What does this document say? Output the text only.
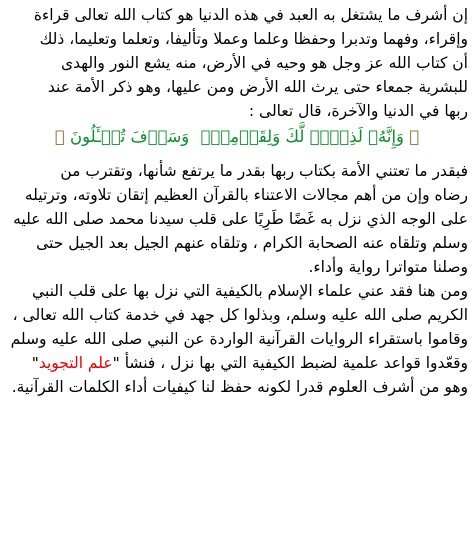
إن أشرف ما يشتغل به العبد في هذه الدنيا هو كتاب الله تعالى قراءة

وإقراء، وفهما وتدبرا وحفظا وعلما وعملا وتأليفا، وتعلما وتعليما، ذلك

أن كتاب الله عز وجل هو وحيه في الأرض، منه يشع النور والهدى

للبشرية جمعاء حتى يرث الله الأرض ومن عليها، وهو ذكر الأمة عند

ربها في الدنيا والآخرة، قال تعالى :

﴿ وَإِنَّهُۥ لَذِكۡرٞ لَّكَ وَلِقَوۡمِكَۖ وَسَوۡفَ تُسۡـَٔلُونَ ﴾

فبقدر ما تعتني الأمة بكتاب ربها بقدر ما يرتفع شأنها، وتقترب من

رضاه وإن من أهم مجالات الاعتناء بالقرآن العظيم إتقان تلاوته، وترتيله

على الوجه الذي نزل به غَضًا طَرِيًا على قلب سيدنا محمد صلى الله عليه

وسلم وتلقاه عنه الصحابة الكرام ، وتلقاه عنهم الجيل بعد الجيل حتى

وصلنا متواترا رواية وأداء.

ومن هنا فقد عني علماء الإسلام بالكيفية التي نزل بها على قلب النبي

الكريم صلى الله عليه وسلم، وبذلوا كل جهد في خدمة كتاب الله تعالى ،

وقاموا باستقراء الروايات القرآنية الواردة عن النبي صلى الله عليه وسلم

وقعّدوا قواعد علمية لضبط الكيفية التي بها نزل ، فنشأ "علم التجويد"

وهو من أشرف العلوم قدرا لكونه حفظ لنا كيفيات أداء الكلمات القرآنية.
